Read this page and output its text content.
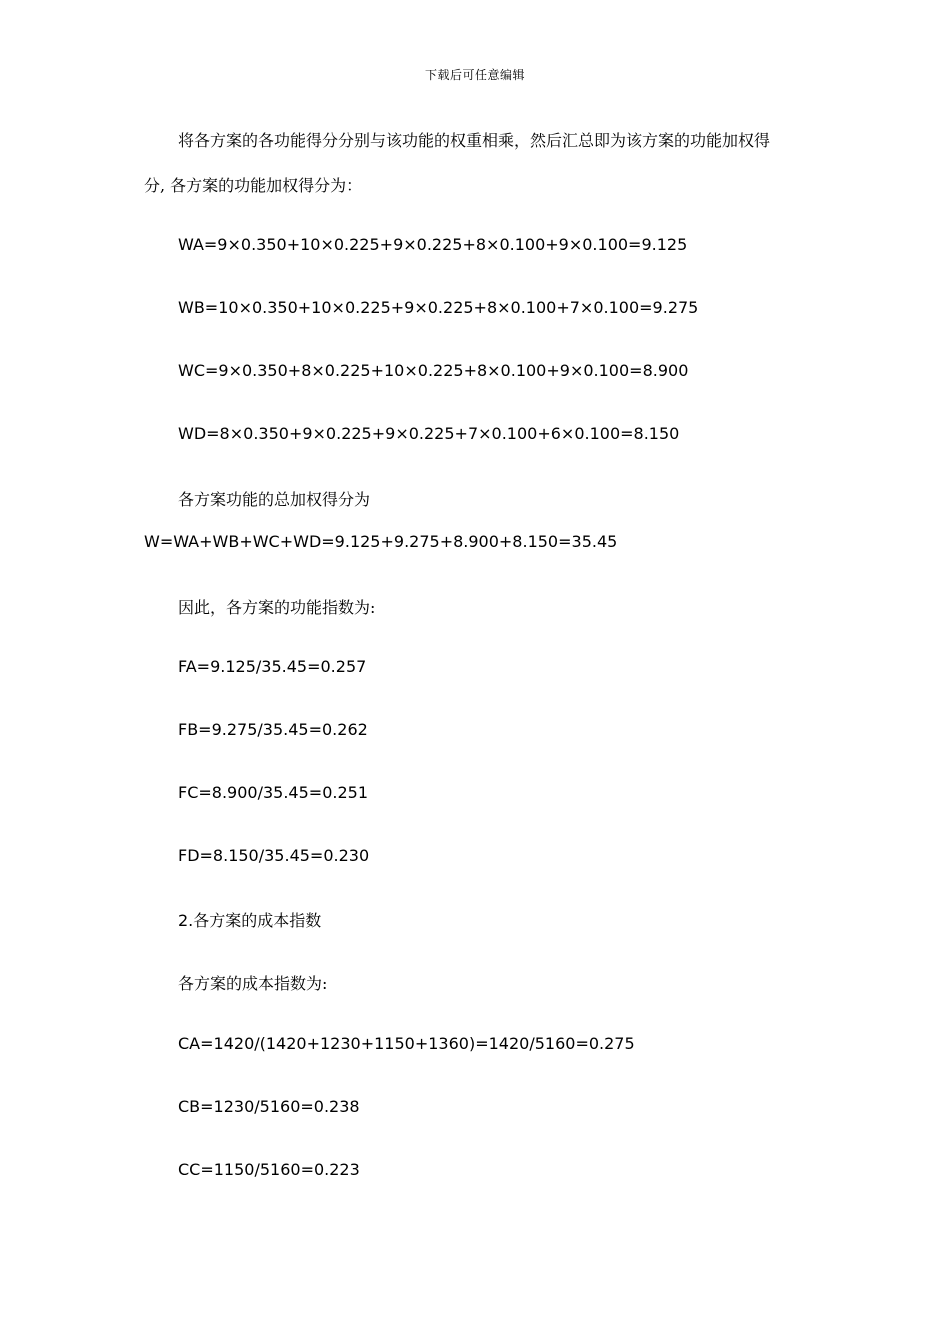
下载后可任意编辑
将各方案的各功能得分分别与该功能的权重相乘，然后汇总即为该方案的功能加权得
分, 各方案的功能加权得分为：
WA=9×0.350+10×0.225+9×0.225+8×0.100+9×0.100=9.125
WB=10×0.350+10×0.225+9×0.225+8×0.100+7×0.100=9.275
WC=9×0.350+8×0.225+10×0.225+8×0.100+9×0.100=8.900
WD=8×0.350+9×0.225+9×0.225+7×0.100+6×0.100=8.150
各方案功能的总加权得分为
W=WA+WB+WC+WD=9.125+9.275+8.900+8.150=35.45
因此，各方案的功能指数为:
FA=9.125/35.45=0.257
FB=9.275/35.45=0.262
FC=8.900/35.45=0.251
FD=8.150/35.45=0.230
2.各方案的成本指数
各方案的成本指数为:
CA=1420/(1420+1230+1150+1360)=1420/5160=0.275
CB=1230/5160=0.238
CC=1150/5160=0.223
